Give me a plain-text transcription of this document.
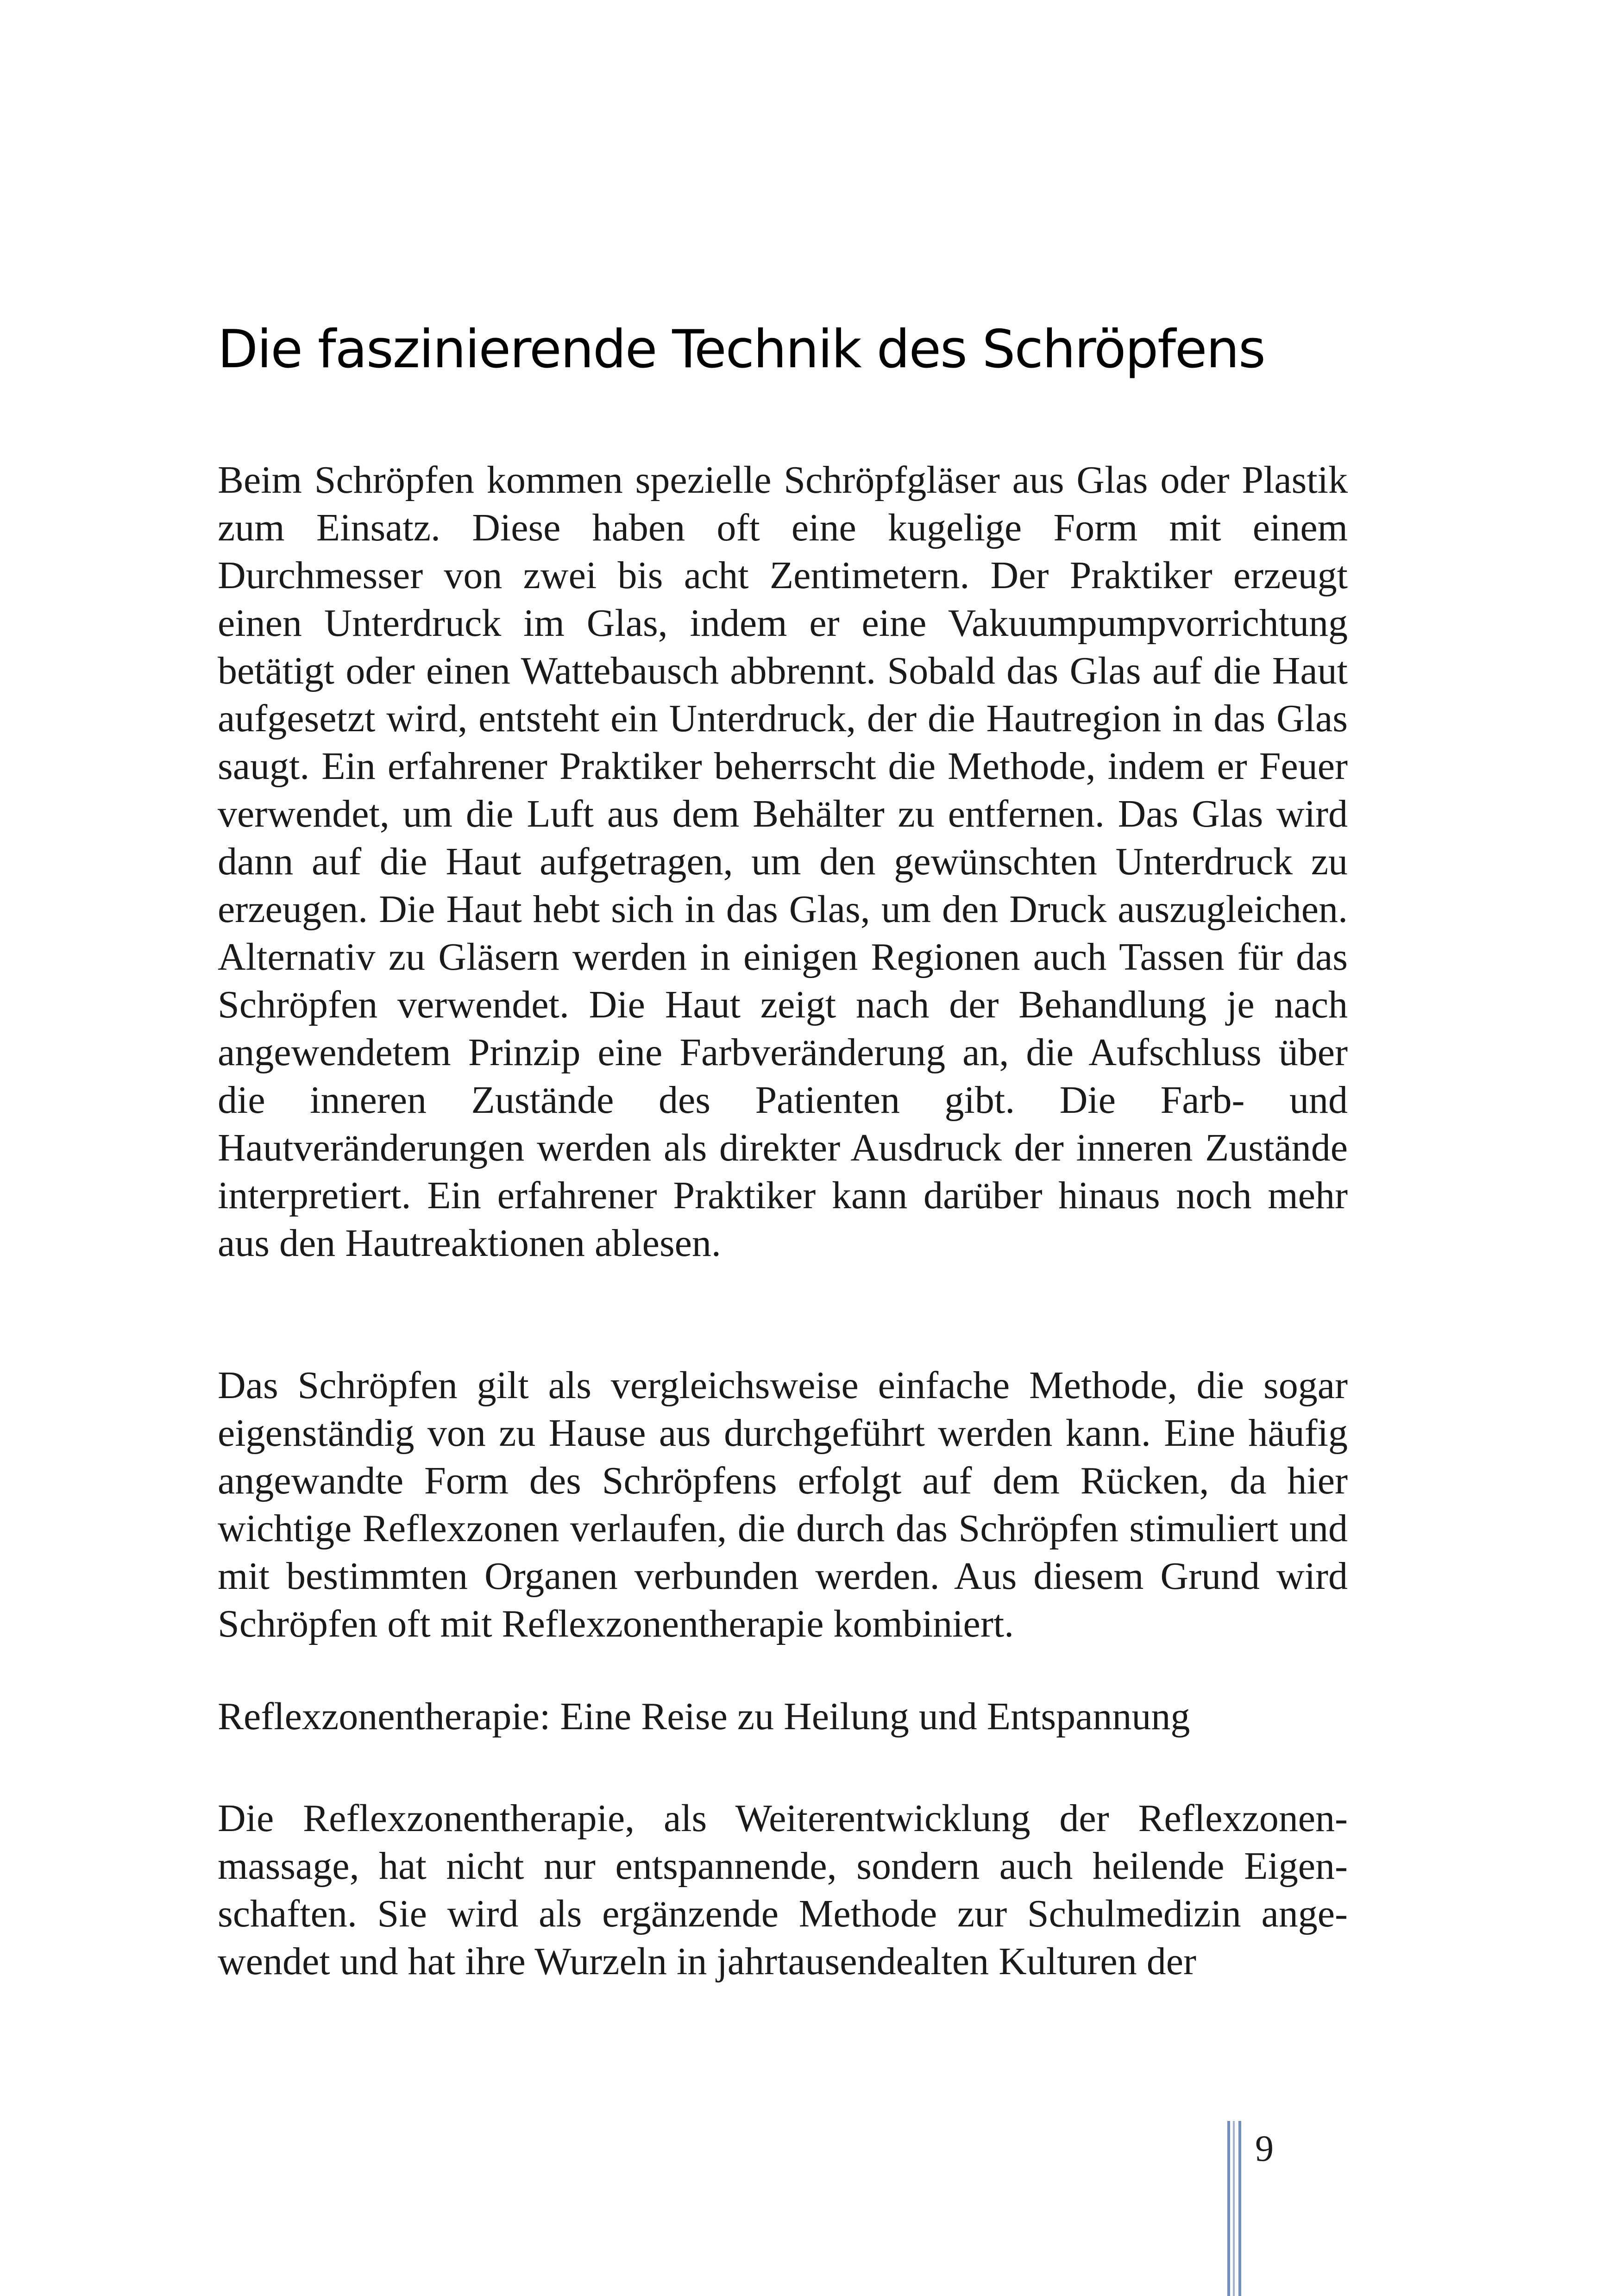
Die faszinierende Technik des Schröpfens

Beim Schröpfen kommen spezielle Schröpfgläser aus Glas oder Plastik zum Einsatz. Diese haben oft eine kugelige Form mit einem Durchmesser von zwei bis acht Zentimetern. Der Praktiker erzeugt einen Unterdruck im Glas, indem er eine Vakuumpumpvorrichtung betätigt oder einen Wattebausch abbrennt. Sobald das Glas auf die Haut aufgesetzt wird, entsteht ein Unterdruck, der die Hautregion in das Glas saugt. Ein erfahrener Praktiker beherrscht die Methode, indem er Feuer verwendet, um die Luft aus dem Behälter zu entfernen. Das Glas wird dann auf die Haut aufgetragen, um den gewünschten Unterdruck zu erzeugen. Die Haut hebt sich in das Glas, um den Druck auszugleichen. Alternativ zu Gläsern werden in einigen Regionen auch Tassen für das Schröpfen verwendet. Die Haut zeigt nach der Behandlung je nach angewendetem Prinzip eine Farbveränderung an, die Aufschluss über die inneren Zustände des Patienten gibt. Die Farb- und Hautveränderungen werden als direkter Ausdruck der inneren Zustände interpretiert. Ein erfahrener Praktiker kann darüber hinaus noch mehr aus den Hautreaktionen ablesen.

Das Schröpfen gilt als vergleichsweise einfache Methode, die sogar eigenständig von zu Hause aus durchgeführt werden kann. Eine häufig angewandte Form des Schröpfens erfolgt auf dem Rücken, da hier wichtige Reflexzonen verlaufen, die durch das Schröpfen stimuliert und mit bestimmten Organen verbunden werden. Aus diesem Grund wird Schröpfen oft mit Reflexzonentherapie kombiniert.

Reflexzonentherapie: Eine Reise zu Heilung und Entspannung

Die Reflexzonentherapie, als Weiterentwicklung der Reflexzonenmassage, hat nicht nur entspannende, sondern auch heilende Eigenschaften. Sie wird als ergänzende Methode zur Schulmedizin angewendet und hat ihre Wurzeln in jahrtausendealten Kulturen der

9
